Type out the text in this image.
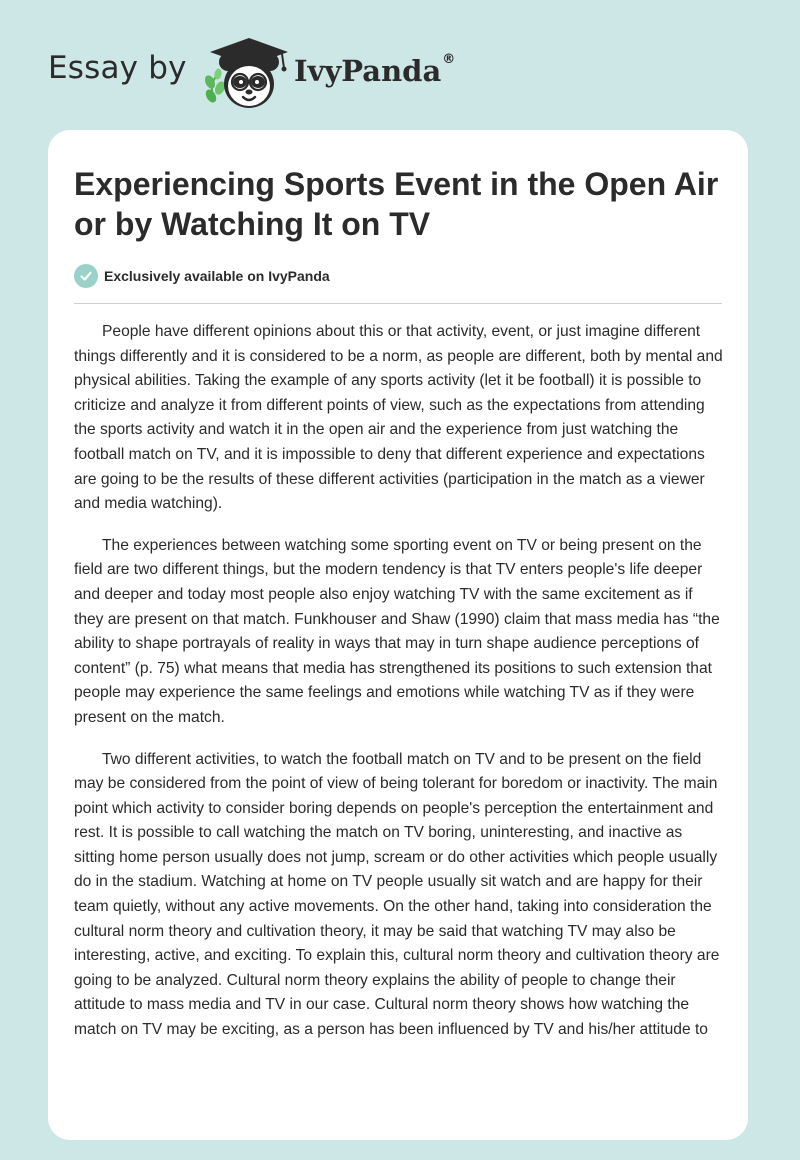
Essay by	IvyPanda®
Experiencing Sports Event in the Open Air or by Watching It on TV
Exclusively available on IvyPanda

People have different opinions about this or that activity, event, or just imagine different things differently and it is considered to be a norm, as people are different, both by mental and physical abilities. Taking the example of any sports activity (let it be football) it is possible to criticize and analyze it from different points of view, such as the expectations from attending the sports activity and watch it in the open air and the experience from just watching the football match on TV, and it is impossible to deny that different experience and expectations are going to be the results of these different activities (participation in the match as a viewer and media watching).

The experiences between watching some sporting event on TV or being present on the field are two different things, but the modern tendency is that TV enters people's life deeper and deeper and today most people also enjoy watching TV with the same excitement as if they are present on that match. Funkhouser and Shaw (1990) claim that mass media has “the ability to shape portrayals of reality in ways that may in turn shape audience perceptions of content” (p. 75) what means that media has strengthened its positions to such extension that people may experience the same feelings and emotions while watching TV as if they were present on the match.

Two different activities, to watch the football match on TV and to be present on the field may be considered from the point of view of being tolerant for boredom or inactivity. The main point which activity to consider boring depends on people's perception the entertainment and rest. It is possible to call watching the match on TV boring, uninteresting, and inactive as sitting home person usually does not jump, scream or do other activities which people usually do in the stadium. Watching at home on TV people usually sit watch and are happy for their team quietly, without any active movements. On the other hand, taking into consideration the cultural norm theory and cultivation theory, it may be said that watching TV may also be interesting, active, and exciting. To explain this, cultural norm theory and cultivation theory are going to be analyzed. Cultural norm theory explains the ability of people to change their attitude to mass media and TV in our case. Cultural norm theory shows how watching the match on TV may be exciting, as a person has been influenced by TV and his/her attitude to
